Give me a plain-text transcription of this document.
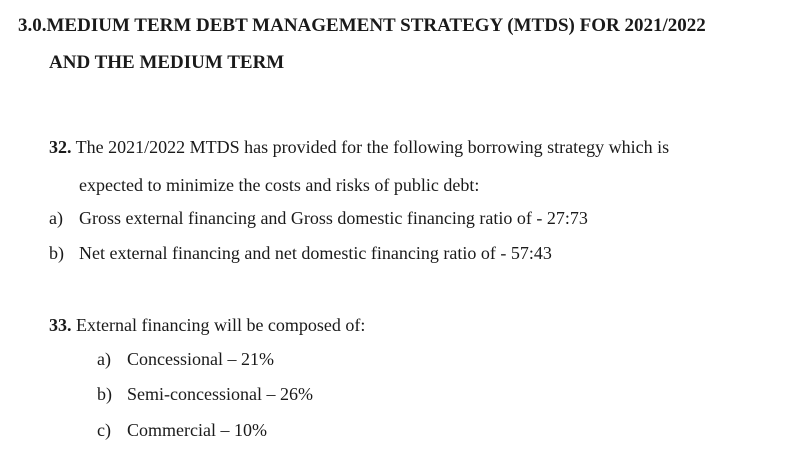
3.0.MEDIUM TERM DEBT MANAGEMENT STRATEGY (MTDS) FOR 2021/2022
AND THE MEDIUM TERM
32. The 2021/2022 MTDS has provided for the following borrowing strategy which is
expected to minimize the costs and risks of public debt:
a) Gross external financing and Gross domestic financing ratio of - 27:73
b) Net external financing and net domestic financing ratio of - 57:43
33. External financing will be composed of:
a) Concessional – 21%
b) Semi-concessional – 26%
c) Commercial – 10%
